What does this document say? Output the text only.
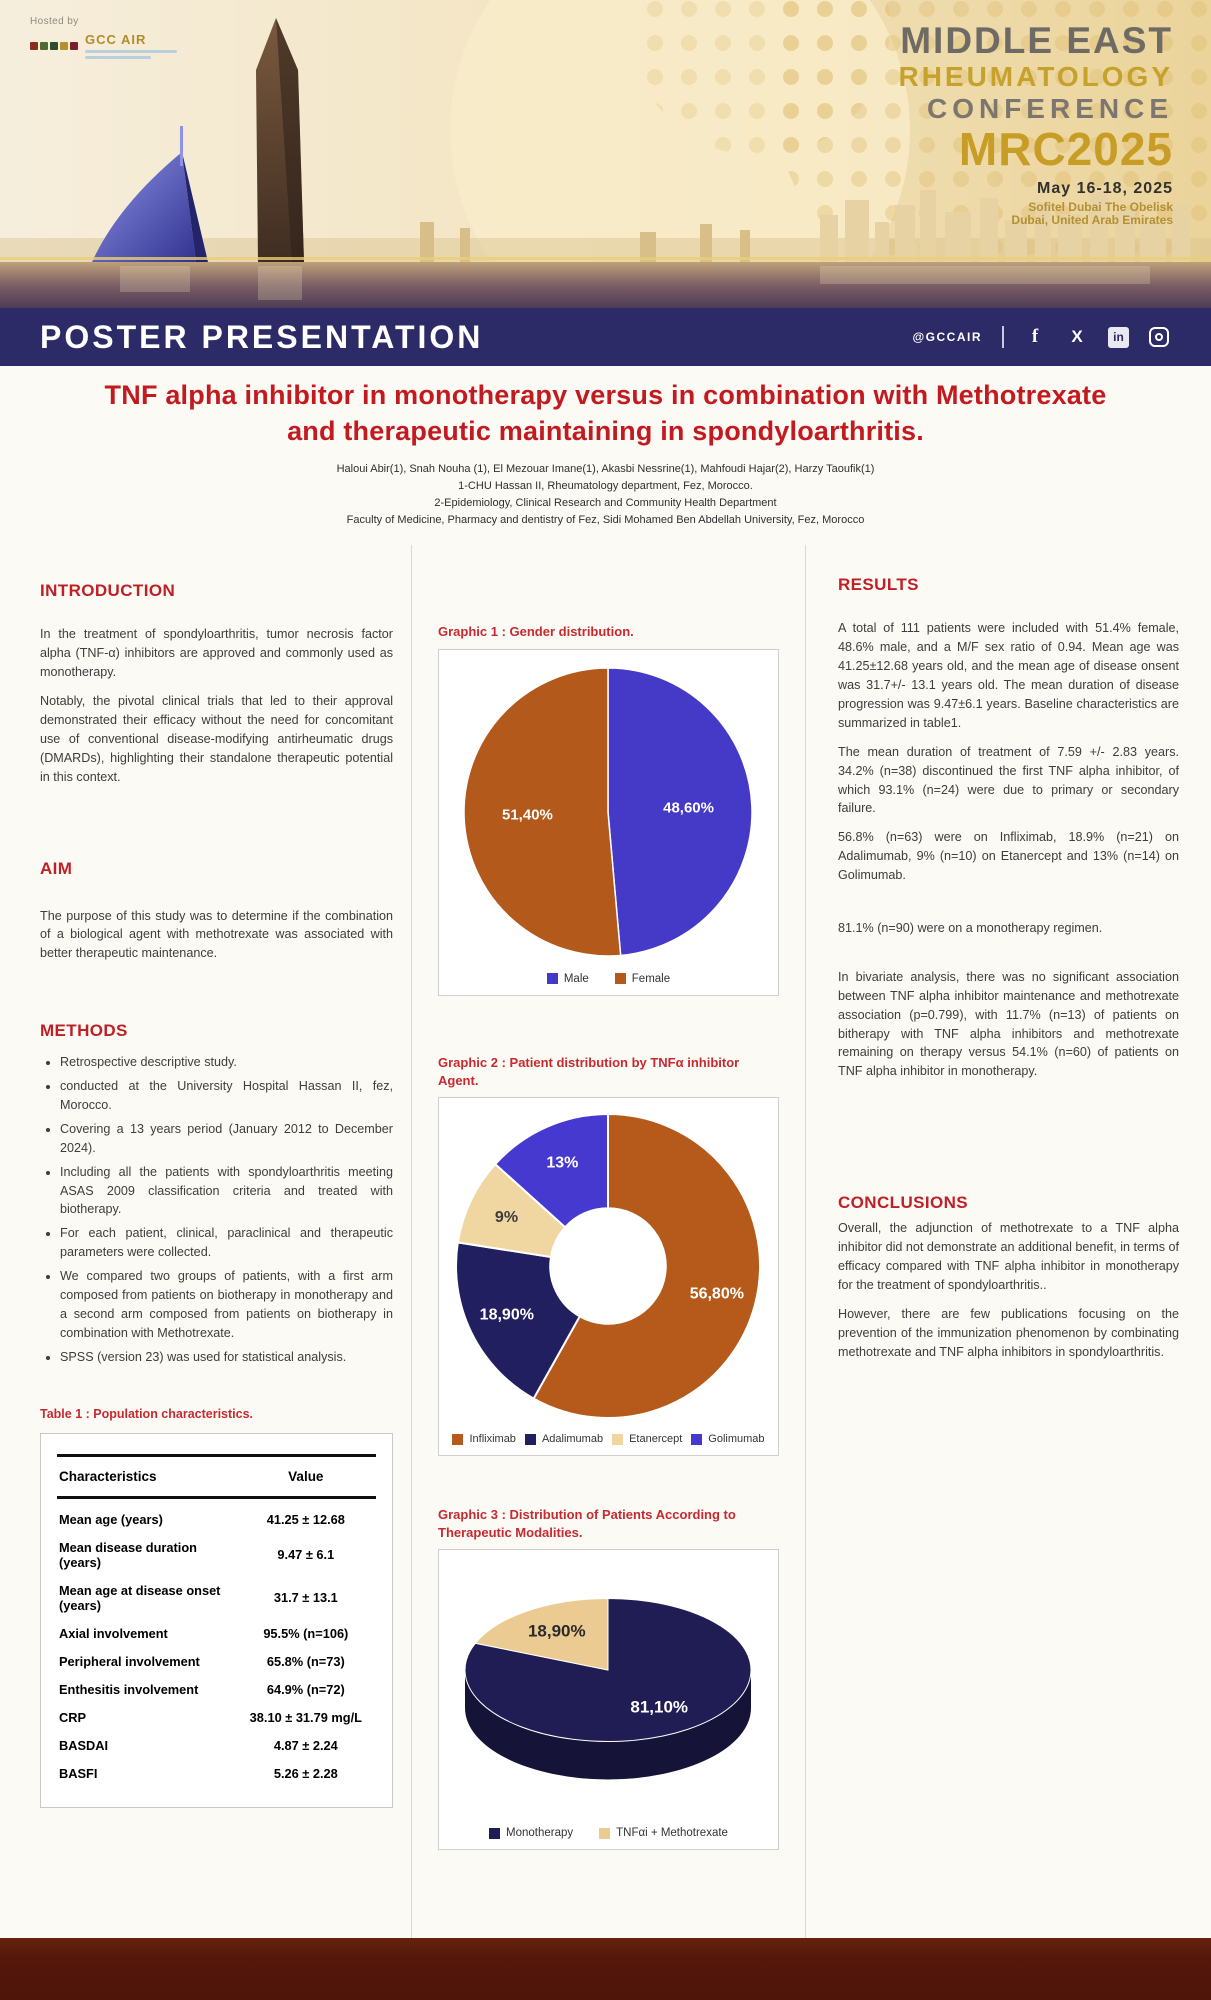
Hosted by
GCC AIR	MIDDLE EAST
RHEUMATOLOGY
CONFERENCE
MRC2025
May 16-18, 2025
Sofitel Dubai The Obelisk
Dubai, United Arab Emirates
POSTER PRESENTATION	@GCCAIR	f	X	in
TNF alpha inhibitor in monotherapy versus in combination with Methotrexate
and therapeutic maintaining in spondyloarthritis.
Haloui Abir(1), Snah Nouha (1), El Mezouar Imane(1), Akasbi Nessrine(1), Mahfoudi Hajar(2), Harzy Taoufik(1)
1-CHU Hassan II, Rheumatology department, Fez, Morocco.
2-Epidemiology, Clinical Research and Community Health Department
Faculty of Medicine, Pharmacy and dentistry of Fez, Sidi Mohamed Ben Abdellah University, Fez, Morocco
INTRODUCTION

In the treatment of spondyloarthritis, tumor necrosis factor alpha (TNF-α) inhibitors are approved and commonly used as monotherapy.

Notably, the pivotal clinical trials that led to their approval demonstrated their efficacy without the need for concomitant use of conventional disease-modifying antirheumatic drugs (DMARDs), highlighting their standalone therapeutic potential in this context.

AIM

The purpose of this study was to determine if the combination of a biological agent with methotrexate was associated with better therapeutic maintenance.

METHODS
• Retrospective descriptive study.
• conducted at the University Hospital Hassan II, fez, Morocco.
• Covering a 13 years period (January 2012 to December 2024).
• Including all the patients with spondyloarthritis meeting ASAS 2009 classification criteria and treated with biotherapy.
• For each patient, clinical, paraclinical and therapeutic parameters were collected.
• We compared two groups of patients, with a first arm composed from patients on biotherapy in monotherapy and a second arm composed from patients on biotherapy in combination with Methotrexate.
• SPSS (version 23) was used for statistical analysis.
Table 1 : Population characteristics.
Characteristics	Value
Mean age (years)	41.25 ± 12.68
Mean disease duration (years)	9.47 ± 6.1
Mean age at disease onset (years)	31.7 ± 13.1
Axial involvement	95.5% (n=106)
Peripheral involvement	65.8% (n=73)
Enthesitis involvement	64.9% (n=72)
CRP	38.10 ± 31.79 mg/L
BASDAI	4.87 ± 2.24
BASFI	5.26 ± 2.28
Graphic 1 : Gender distribution.
48,60%
51,40%
Male	Female
Graphic 2 : Patient distribution by TNFα inhibitor Agent.
56,80%
18,90%
9%
13%
Infliximab Adalimumab Etanercept Golimumab
Graphic 3 : Distribution of Patients According to Therapeutic Modalities.
81,10%
18,90%
Monotherapy	TNFαi + Methotrexate
RESULTS

A total of 111 patients were included with 51.4% female, 48.6% male, and a M/F sex ratio of 0.94. Mean age was 41.25±12.68 years old, and the mean age of disease onsent was 31.7+/- 13.1 years old. The mean duration of disease progression was 9.47±6.1 years. Baseline characteristics are summarized in table1.

The mean duration of treatment of 7.59 +/- 2.83 years. 34.2% (n=38) discontinued the first TNF alpha inhibitor, of which 93.1% (n=24) were due to primary or secondary failure.

56.8% (n=63) were on Infliximab, 18.9% (n=21) on Adalimumab, 9% (n=10) on Etanercept and 13% (n=14) on Golimumab.

81.1% (n=90) were on a monotherapy regimen.

In bivariate analysis, there was no significant association between TNF alpha inhibitor maintenance and methotrexate association (p=0.799), with 11.7% (n=13) of patients on bitherapy with TNF alpha inhibitors and methotrexate remaining on therapy versus 54.1% (n=60) of patients on TNF alpha inhibitor in monotherapy.

CONCLUSIONS

Overall, the adjunction of methotrexate to a TNF alpha inhibitor did not demonstrate an additional benefit, in terms of efficacy compared with TNF alpha inhibitor in monotherapy for the treatment of spondyloarthritis..

However, there are few publications focusing on the prevention of the immunization phenomenon by combinating methotrexate and TNF alpha inhibitors in spondyloarthritis.
